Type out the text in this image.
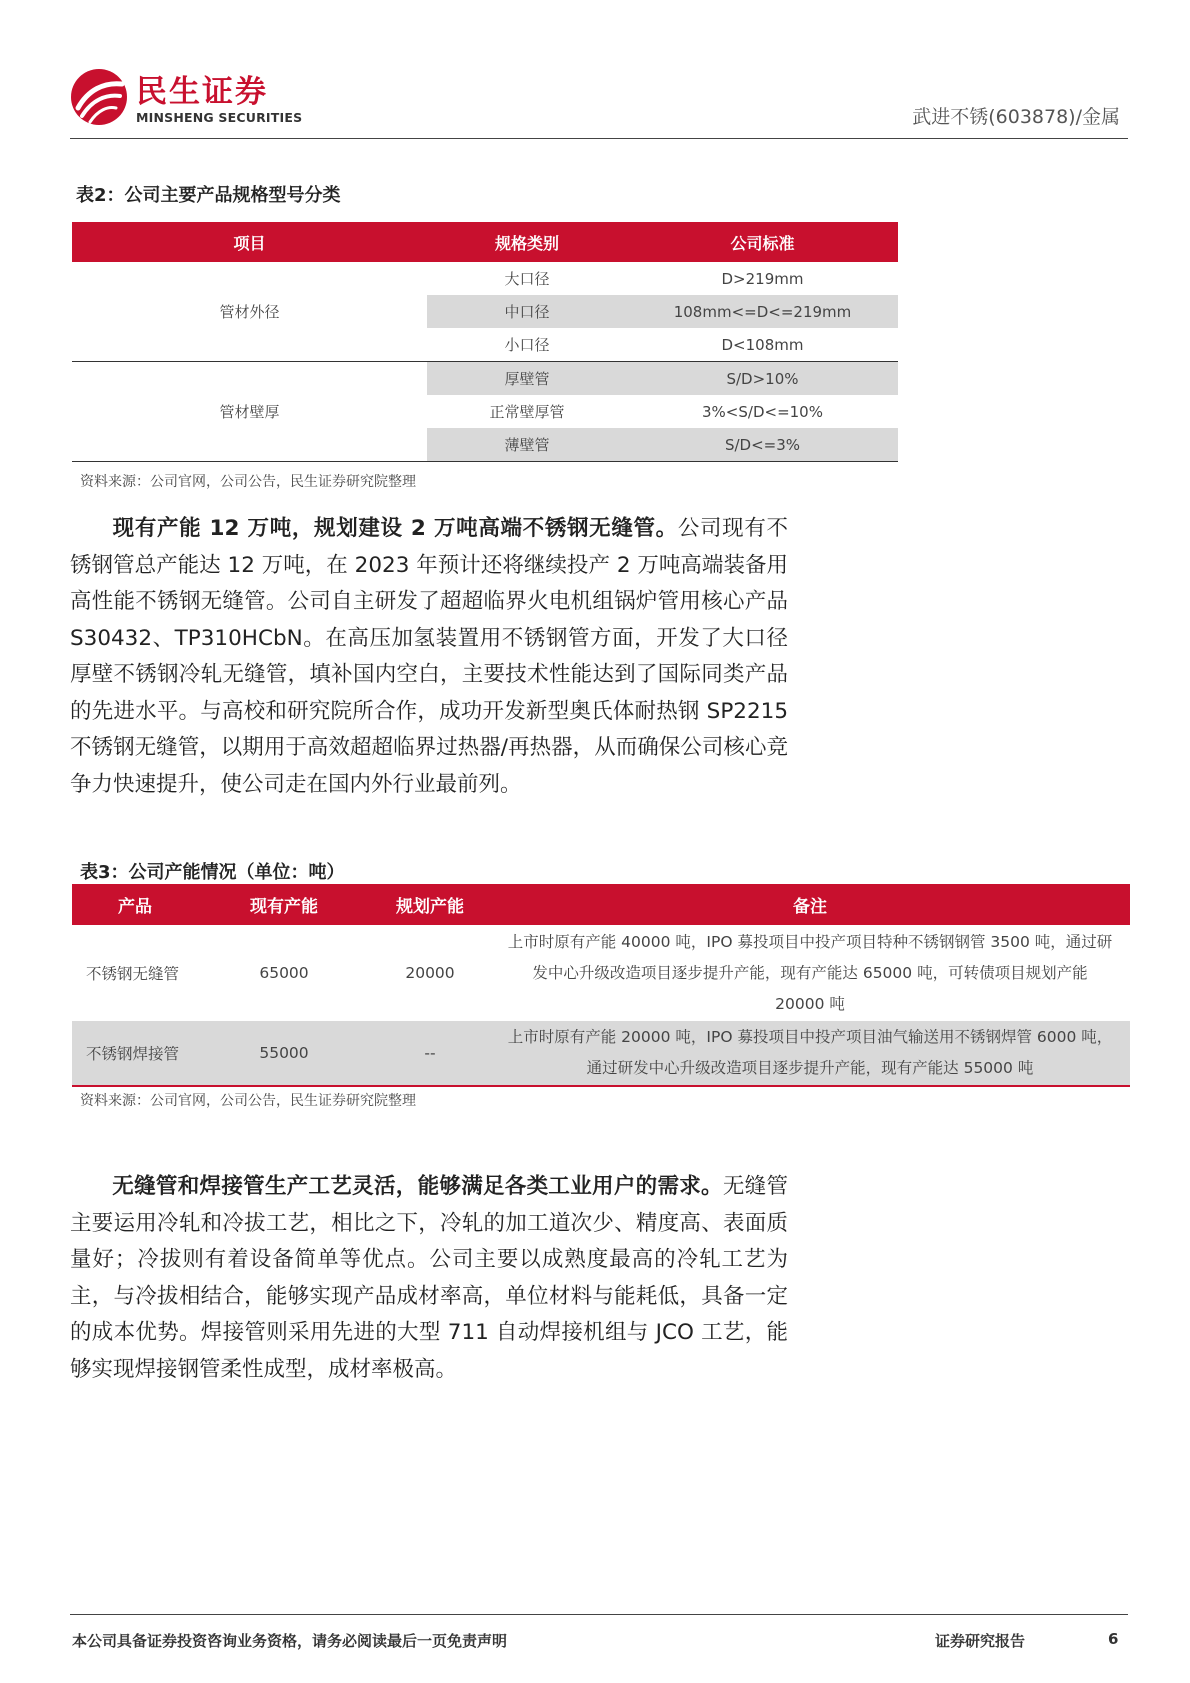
民生证券
MINSHENG SECURITIES	武进不锈(603878)/金属
表2：公司主要产品规格型号分类
项目	规格类别	公司标准
管材外径	大口径	D>219mm
	中口径	108mm<=D<=219mm
	小口径	D<108mm
管材壁厚	厚壁管	S/D>10%
	正常壁厚管	3%<S/D<=10%
	薄壁管	S/D<=3%
资料来源：公司官网，公司公告，民生证券研究院整理
现有产能 12 万吨，规划建设 2 万吨高端不锈钢无缝管。公司现有不锈钢管总产能达 12 万吨，在 2023 年预计还将继续投产 2 万吨高端装备用高性能不锈钢无缝管。公司自主研发了超超临界火电机组锅炉管用核心产品 S30432、TP310HCbN。在高压加氢装置用不锈钢管方面，开发了大口径厚壁不锈钢冷轧无缝管，填补国内空白，主要技术性能达到了国际同类产品的先进水平。与高校和研究院所合作，成功开发新型奥氏体耐热钢 SP2215 不锈钢无缝管，以期用于高效超超临界过热器/再热器，从而确保公司核心竞争力快速提升，使公司走在国内外行业最前列。
表3：公司产能情况（单位：吨）
产品	现有产能	规划产能	备注
不锈钢无缝管	65000	20000	上市时原有产能 40000 吨，IPO 募投项目中投产项目特种不锈钢钢管 3500 吨，通过研
发中心升级改造项目逐步提升产能，现有产能达 65000 吨，可转债项目规划产能
20000 吨

不锈钢焊接管	55000	--	上市时原有产能 20000 吨，IPO 募投项目中投产项目油气输送用不锈钢焊管 6000 吨，
通过研发中心升级改造项目逐步提升产能，现有产能达 55000 吨
资料来源：公司官网，公司公告，民生证券研究院整理
无缝管和焊接管生产工艺灵活，能够满足各类工业用户的需求。无缝管主要运用冷轧和冷拔工艺，相比之下，冷轧的加工道次少、精度高、表面质量好；冷拔则有着设备简单等优点。公司主要以成熟度最高的冷轧工艺为主，与冷拔相结合，能够实现产品成材率高，单位材料与能耗低，具备一定的成本优势。焊接管则采用先进的大型 711 自动焊接机组与 JCO 工艺，能够实现焊接钢管柔性成型，成材率极高。
本公司具备证券投资咨询业务资格，请务必阅读最后一页免责声明	证券研究报告	6
